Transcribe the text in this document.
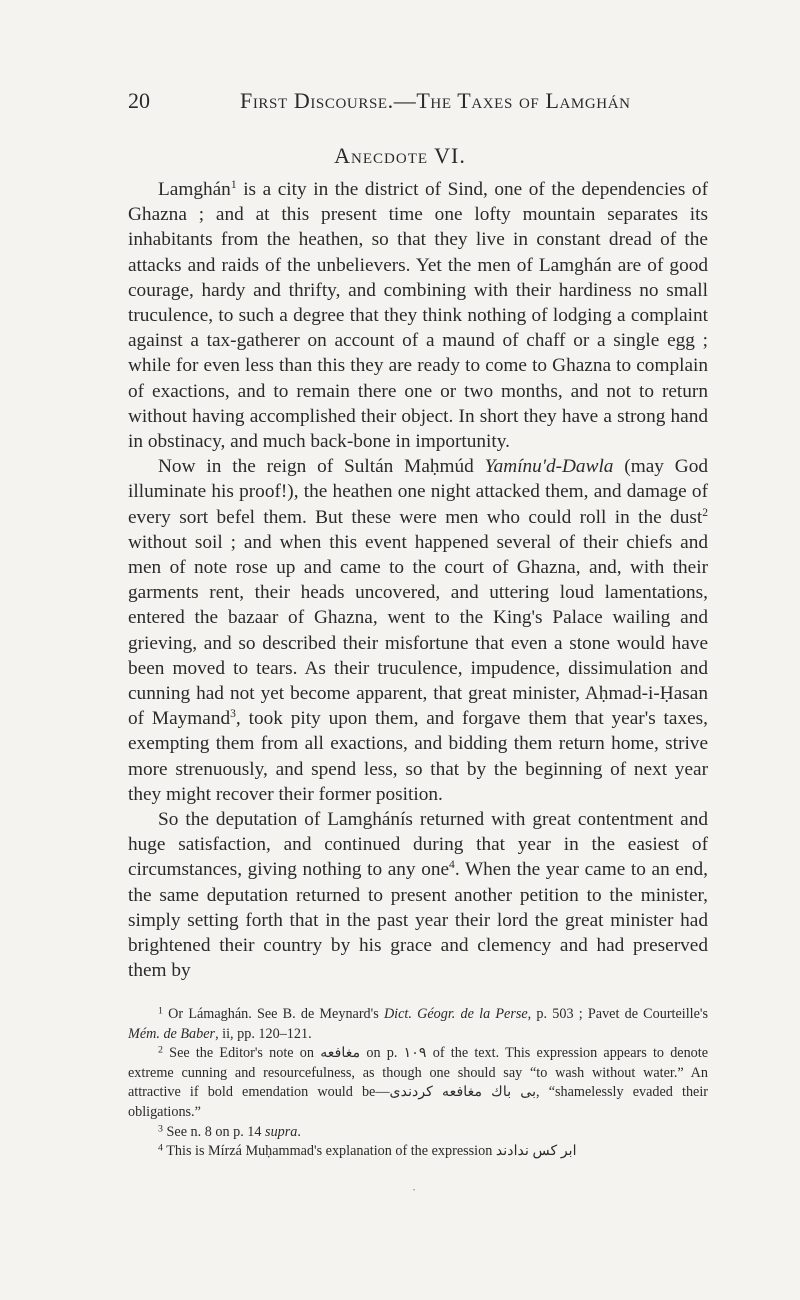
20	First Discourse.—The Taxes of Lamghán
Anecdote VI.

Lamghán$^1$ is a city in the district of Sind, one of the dependencies of Ghazna ; and at this present time one lofty mountain separates its inhabitants from the heathen, so that they live in constant dread of the attacks and raids of the unbelievers. Yet the men of Lamghán are of good courage, hardy and thrifty, and combining with their hardiness no small truculence, to such a degree that they think nothing of lodging a complaint against a tax-gatherer on account of a maund of chaff or a single egg ; while for even less than this they are ready to come to Ghazna to complain of exactions, and to remain there one or two months, and not to return without having accomplished their object. In short they have a strong hand in obstinacy, and much back-bone in importunity.

Now in the reign of Sultán Maḥmúd Yamínu'd-Dawla (may God illuminate his proof!), the heathen one night attacked them, and damage of every sort befel them. But these were men who could roll in the dust$^2$ without soil ; and when this event happened several of their chiefs and men of note rose up and came to the court of Ghazna, and, with their garments rent, their heads uncovered, and uttering loud lamentations, entered the bazaar of Ghazna, went to the King's Palace wailing and grieving, and so described their misfortune that even a stone would have been moved to tears. As their truculence, impudence, dissimulation and cunning had not yet become apparent, that great minister, Aḥmad-i-Ḥasan of Maymand$^3$, took pity upon them, and forgave them that year's taxes, exempting them from all exactions, and bidding them return home, strive more strenuously, and spend less, so that by the beginning of next year they might recover their former position.

So the deputation of Lamghánís returned with great contentment and huge satisfaction, and continued during that year in the easiest of circumstances, giving nothing to any one$^4$. When the year came to an end, the same deputation returned to present another petition to the minister, simply setting forth that in the past year their lord the great minister had brightened their country by his grace and clemency and had preserved them by

$^1$ Or Lámaghán. See B. de Meynard's Dict. Géogr. de la Perse, p. 503 ; Pavet de Courteille's Mém. de Baber, ii, pp. 120–121.

$^2$ See the Editor's note on مغافعه on p. ١٠٩ of the text. This expression appears to denote extreme cunning and resourcefulness, as though one should say “to wash without water.” An attractive if bold emendation would be—بی باك مغافعه كردندی, “shamelessly evaded their obligations.”

$^3$ See n. 8 on p. 14 supra.

$^4$ This is Mírzá Muḥammad's explanation of the expression ابر کس ندادند

•
